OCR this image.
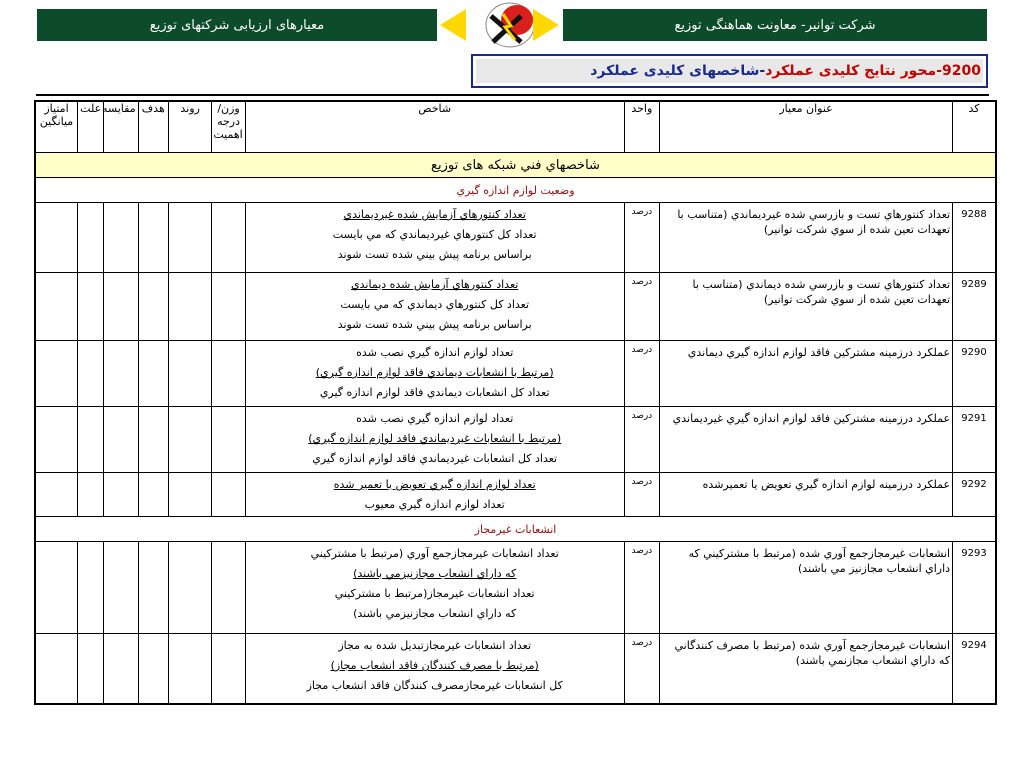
معیارهای ارزیابی شرکتهای توزیع	شرکت توانیر- معاونت هماهنگی توزیع
9200-
محور نتايج كليدی عملكرد
-
شاخصهای كليدی عملكرد
كد	عنوان معيار	واحد	شاخص	وزن/ درجه اهميت	روند	هدف	مقايسه	علت	امتياز ميانگين
شاخصهاي فني شبكه های توزيع									
وضعيت لوازم اندازه گيري									
9288	تعداد كنتورهاي تست و بازرسي شده غيرديماندي (متناسب با تعهدات تعين شده از سوي شركت توانير)	درصد	تعداد كنتورهاي آزمايش شده غيرديماندي
تعداد كل كنتورهاي غيرديماندي كه مي بايست
براساس برنامه پيش بيني شده تست شوند						

9289	تعداد كنتورهاي تست و بازرسي شده ديماندي (متناسب با تعهدات تعين شده از سوي شركت توانير)	درصد	تعداد كنتورهاي آزمايش شده ديماندي
تعداد كل كنتورهاي ديماندي كه مي بايست
براساس برنامه پيش بيني شده تست شوند						

9290	عملكرد درزمينه مشتركين فاقد لوازم اندازه گيري ديماندي	درصد	تعداد لوازم اندازه گيري نصب شده
(مرتبط با انشعابات ديماندي فاقد لوازم اندازه گيري)
تعداد كل انشعابات ديماندي فاقد لوازم اندازه گيري						

9291	عملكرد درزمينه مشتركين فاقد لوازم اندازه گيري غيرديماندي	درصد	تعداد لوازم اندازه گيري نصب شده
(مرتبط با انشعابات غيرديماندي فاقد لوازم اندازه گيري)
تعداد كل انشعابات غيرديماندي فاقد لوازم اندازه گيري						

9292	عملكرد درزمينه لوازم اندازه گيري تعويض يا تعميرشده	درصد	تعداد لوازم اندازه گيري تعويض يا تعمير شده
تعداد لوازم اندازه گيري معيوب						

انشعابات غيرمجاز									
9293	انشعابات غيرمجازجمع آوري شده (مرتبط با مشتركيني كه داراي انشعاب مجازنيز مي باشند)	درصد	تعداد انشعابات غيرمجازجمع آوري (مرتبط با مشتركيني
كه داراي انشعاب مجازنيزمي باشند)
تعداد انشعابات غيرمجاز(مرتبط با مشتركيني
كه داراي انشعاب مجازنيزمي باشند)						

9294	انشعابات غيرمجازجمع آوري شده (مرتبط با مصرف كنندگاني كه داراي انشعاب مجازنمي باشند)	درصد	تعداد انشعابات غيرمجازتبديل شده به مجاز
(مرتبط با مصرف كنندگان فاقد انشعاب مجاز)
كل انشعابات غيرمجازمصرف كنندگان فاقد انشعاب مجاز						
